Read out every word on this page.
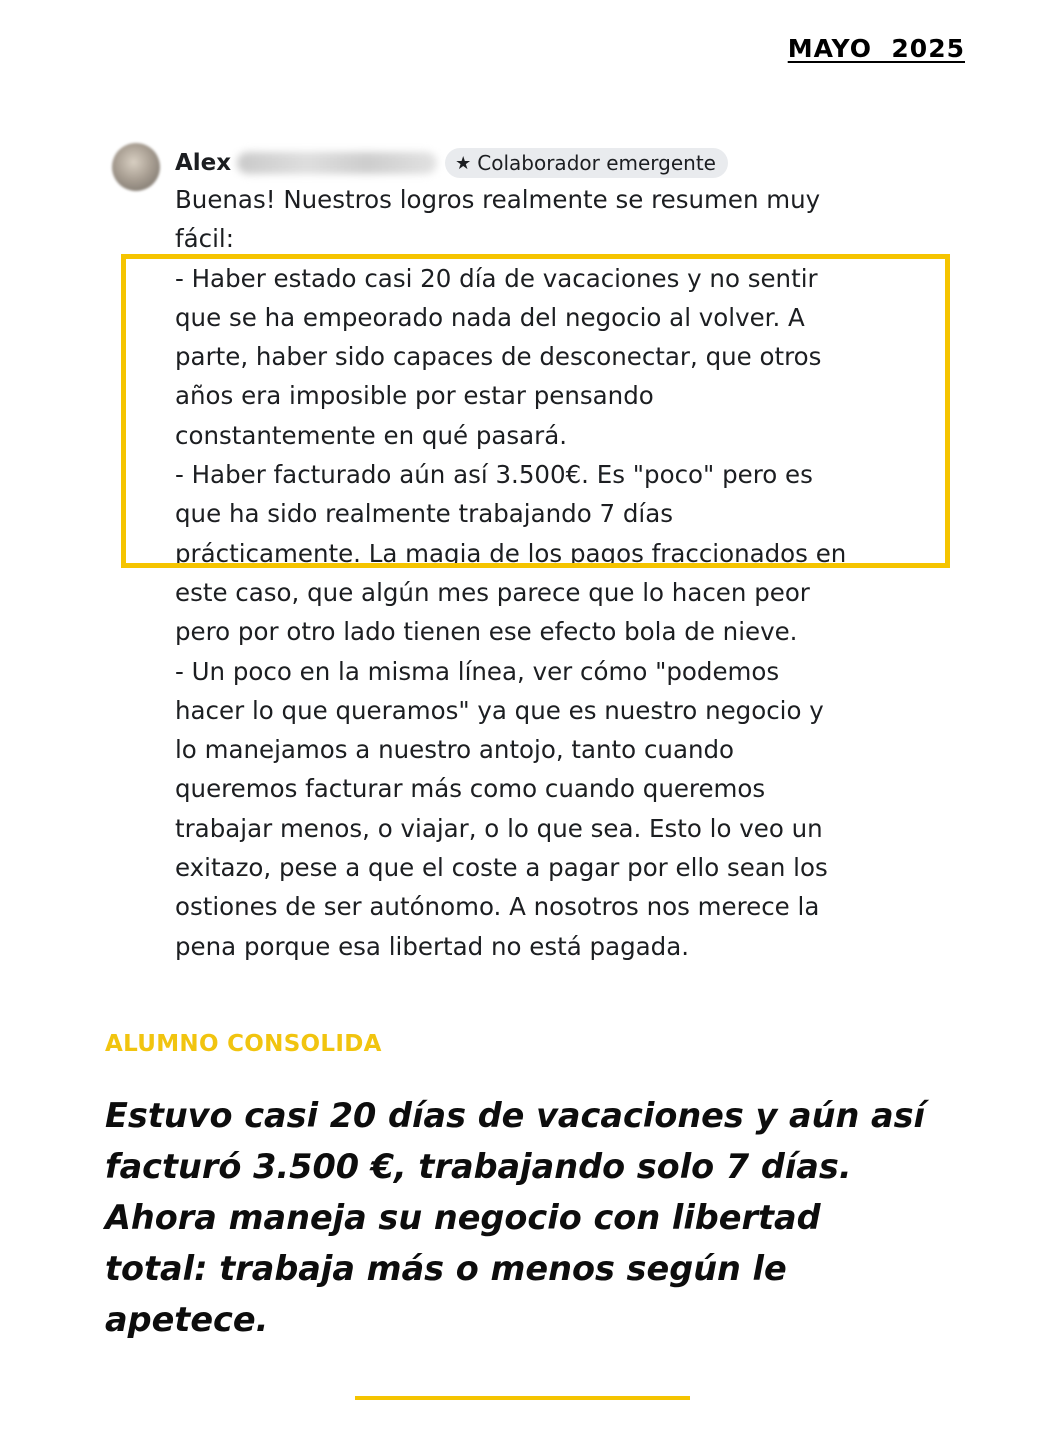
MAYO  2025
Alex	★ Colaborador emergente
Buenas! Nuestros logros realmente se resumen muy
fácil:
- Haber estado casi 20 día de vacaciones y no sentir
que se ha empeorado nada del negocio al volver. A
parte, haber sido capaces de desconectar, que otros
años era imposible por estar pensando
constantemente en qué pasará.
- Haber facturado aún así 3.500€. Es "poco" pero es
que ha sido realmente trabajando 7 días
prácticamente. La magia de los pagos fraccionados en
este caso, que algún mes parece que lo hacen peor
pero por otro lado tienen ese efecto bola de nieve.
- Un poco en la misma línea, ver cómo "podemos
hacer lo que queramos" ya que es nuestro negocio y
lo manejamos a nuestro antojo, tanto cuando
queremos facturar más como cuando queremos
trabajar menos, o viajar, o lo que sea. Esto lo veo un
exitazo, pese a que el coste a pagar por ello sean los
ostiones de ser autónomo. A nosotros nos merece la
pena porque esa libertad no está pagada.
ALUMNO CONSOLIDA
Estuvo casi 20 días de vacaciones y aún así
facturó 3.500 €, trabajando solo 7 días.
Ahora maneja su negocio con libertad
total: trabaja más o menos según le
apetece.
